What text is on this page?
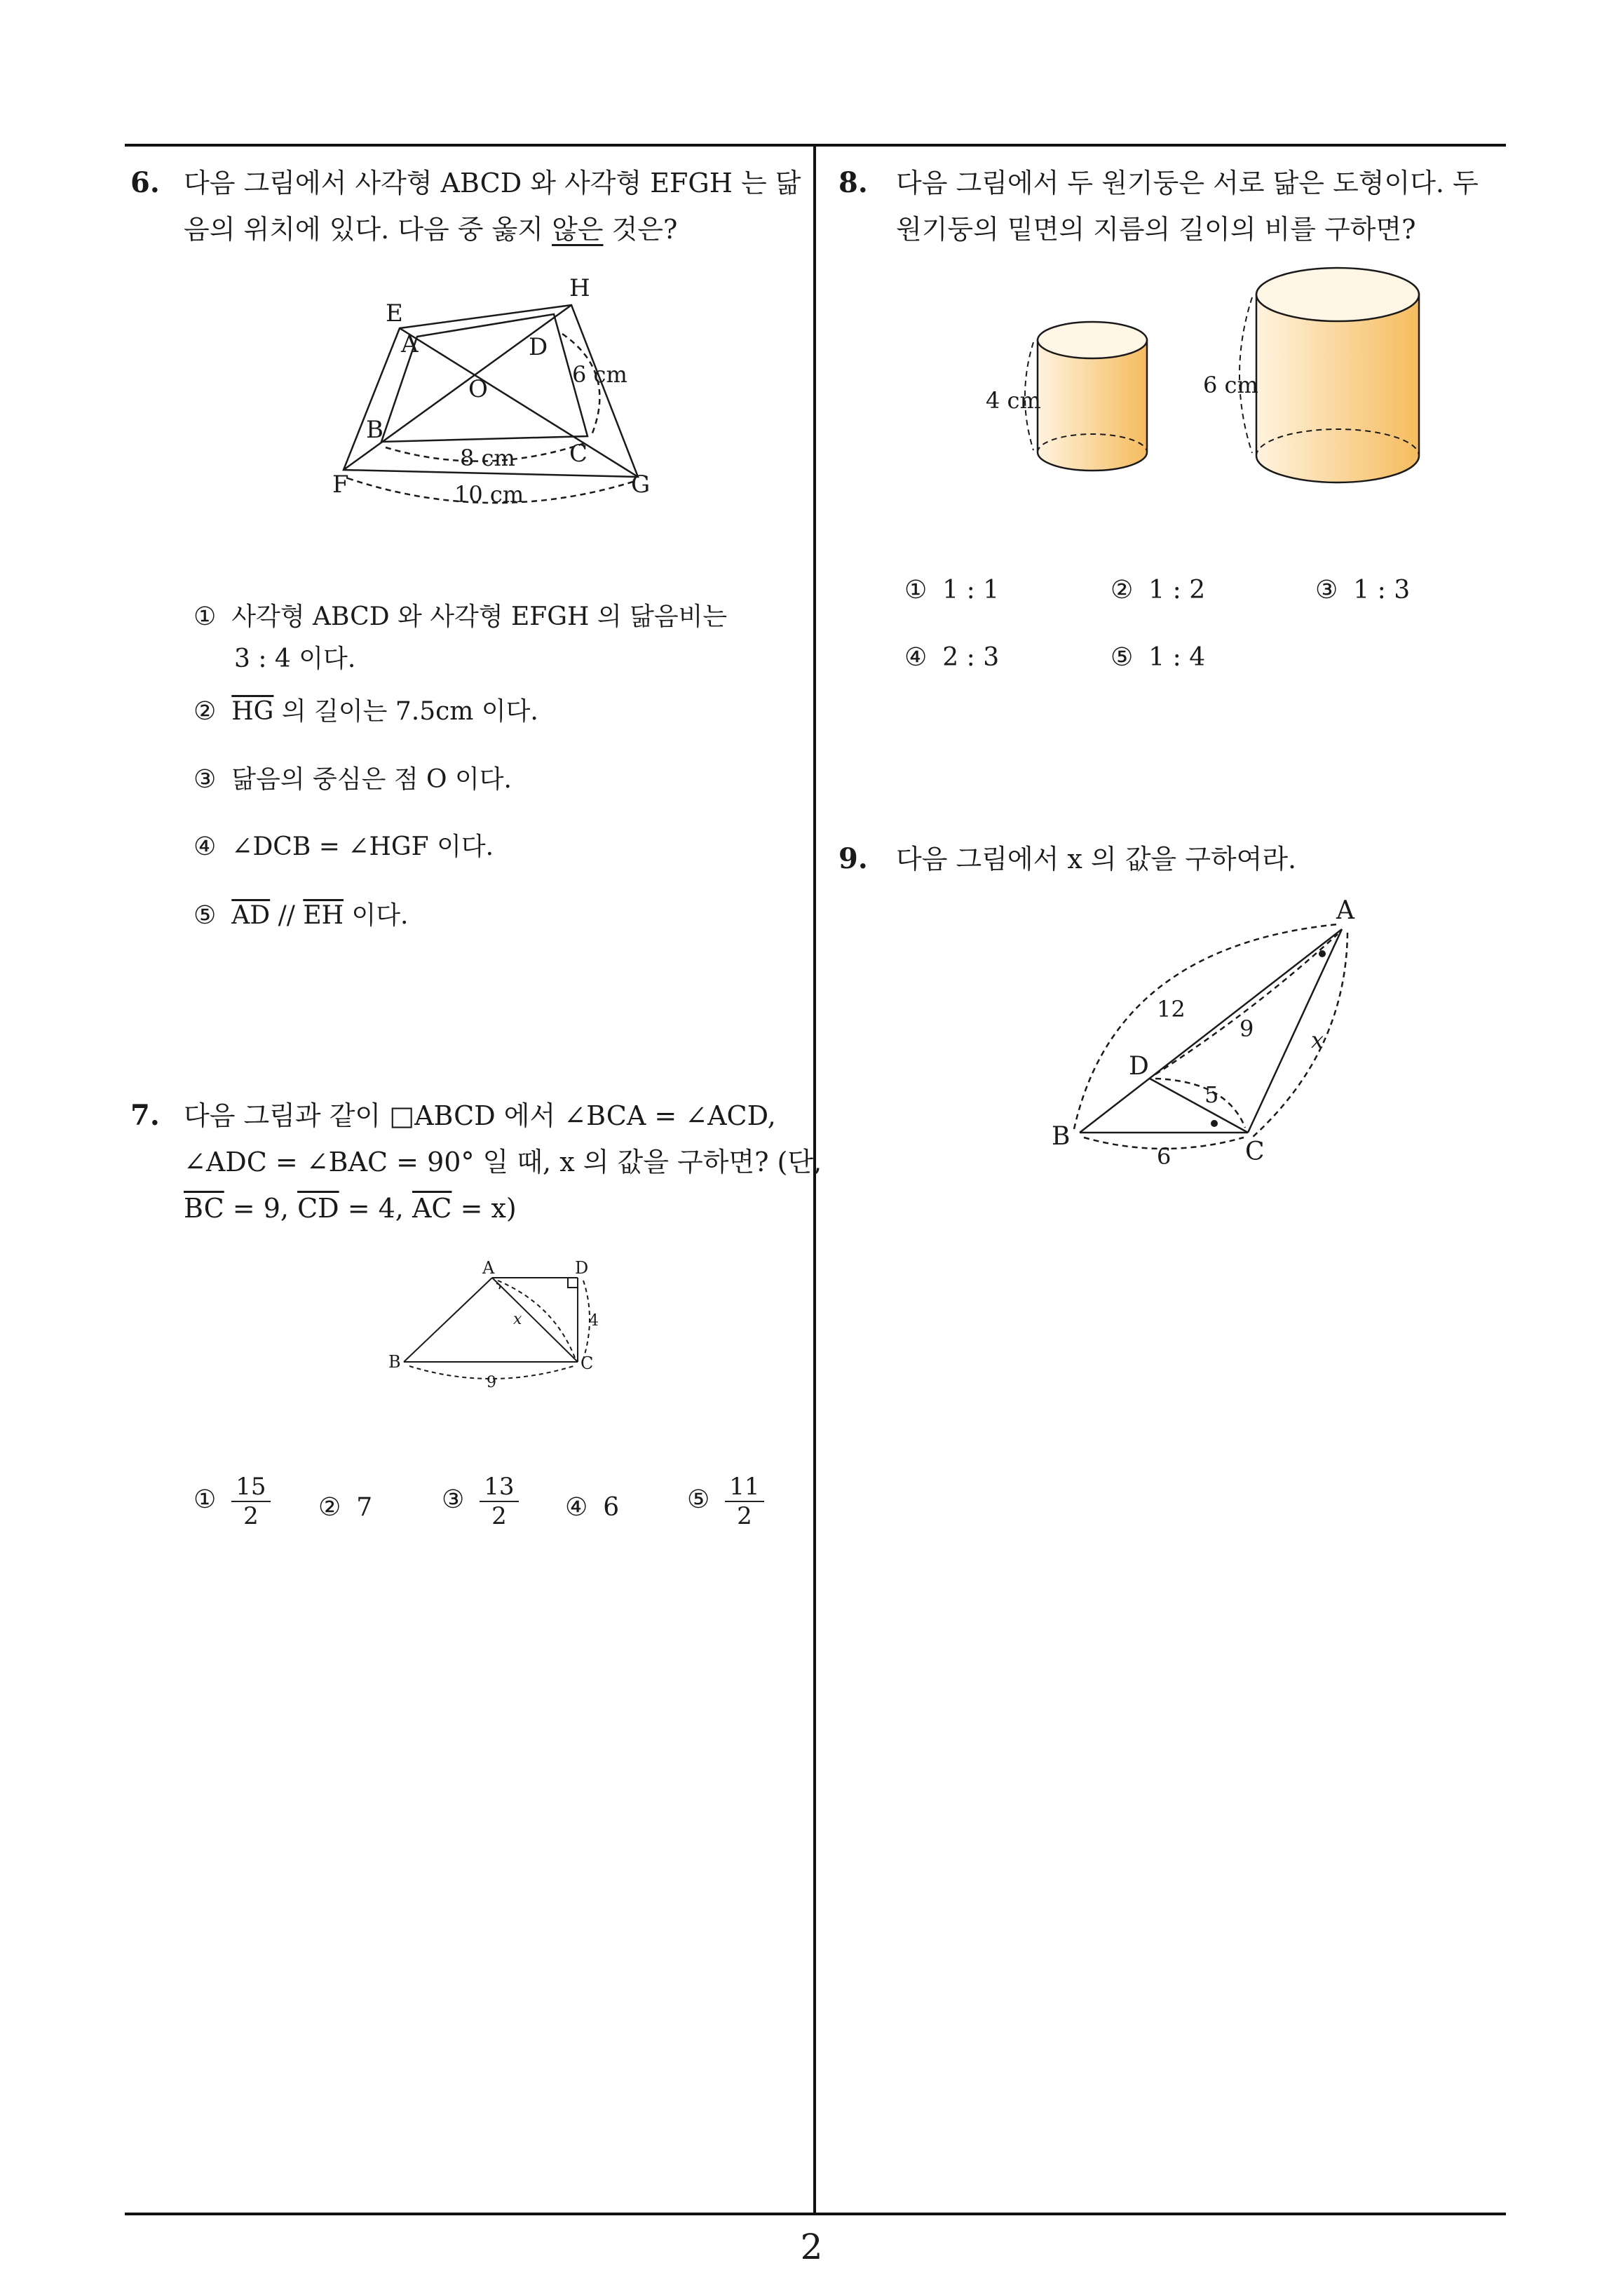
6. 다음 그림에서 사각형 ABCD 와 사각형 EFGH 는 닮
음의 위치에 있다. 다음 중 옳지 않은 것은?
E
A
H
D
O
6 cm
B
8 cm C
F	10 cm	G
① 사각형 ABCD 와 사각형 EFGH 의 닮음비는
3 : 4 이다.
② $\overline{HG}$ 의 길이는 7.5cm 이다.
③ 닮음의 중심은 점 O 이다.
④ ∠DCB = ∠HGF 이다.
⑤ $\overline{AD} // \overline{EH}$ 이다.
7. 다음 그림과 같이 □ABCD 에서 ∠BCA = ∠ACD,
∠ADC = ∠BAC = 90° 일 때, x 의 값을 구하면? (단,
$\overline{BC} = 9$, $\overline{CD} = 4$, $\overline{AC} = x$)
A	D
B	C
x	4
9
① $\frac{15}{2}$ ② 7	③ $\frac{13}{2}$ ④ 6	⑤ $\frac{11}{2}$
8. 다음 그림에서 두 원기둥은 서로 닮은 도형이다. 두
원기둥의 밑면의 지름의 길이의 비를 구하면?
4 cm
6 cm
① 1 : 1	② 1 : 2	③ 1 : 3
④ 2 : 3	⑤ 1 : 4
9. 다음 그림에서 x 의 값을 구하여라.
A
B
C
D
12
9	x
5
6
2
